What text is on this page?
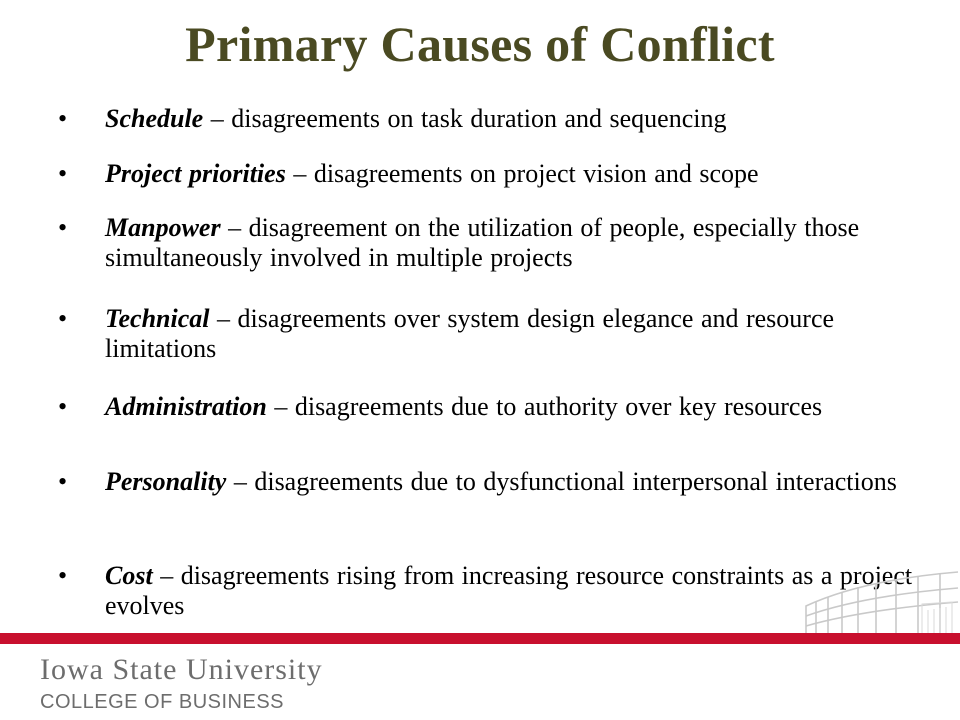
Primary Causes of Conflict
• Schedule – disagreements on task duration and sequencing
• Project priorities – disagreements on project vision and scope
• Manpower – disagreement on the utilization of people, especially those simultaneously involved in multiple projects
• Technical – disagreements over system design elegance and resource limitations
• Administration – disagreements due to authority over key resources
• Personality – disagreements due to dysfunctional interpersonal interactions
• Cost – disagreements rising from increasing resource constraints as a project evolves
Iowa State University
COLLEGE OF BUSINESS
